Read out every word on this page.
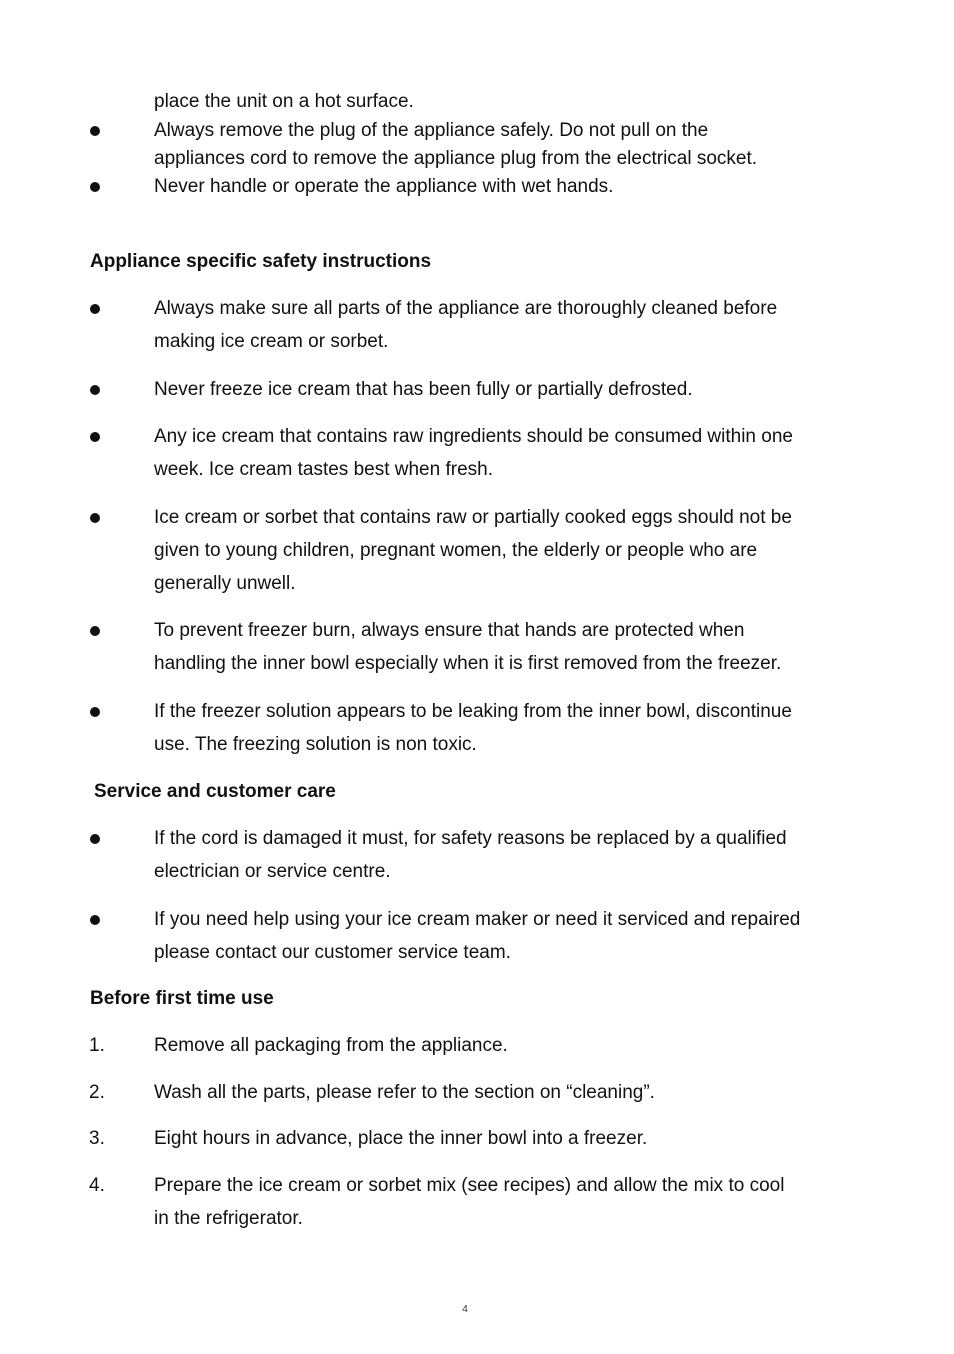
place the unit on a hot surface.
Always remove the plug of the appliance safely. Do not pull on the
appliances cord to remove the appliance plug from the electrical socket.
Never handle or operate the appliance with wet hands.
Appliance specific safety instructions
Always make sure all parts of the appliance are thoroughly cleaned before
making ice cream or sorbet.
Never freeze ice cream that has been fully or partially defrosted.
Any ice cream that contains raw ingredients should be consumed within one
week. Ice cream tastes best when fresh.
Ice cream or sorbet that contains raw or partially cooked eggs should not be
given to young children, pregnant women, the elderly or people who are
generally unwell.
To prevent freezer burn, always ensure that hands are protected when
handling the inner bowl especially when it is first removed from the freezer.
If the freezer solution appears to be leaking from the inner bowl, discontinue
use. The freezing solution is non toxic.
Service and customer care
If the cord is damaged it must, for safety reasons be replaced by a qualified
electrician or service centre.
If you need help using your ice cream maker or need it serviced and repaired
please contact our customer service team.
Before first time use
1.	Remove all packaging from the appliance.
2.	Wash all the parts, please refer to the section on “cleaning”.
3.	Eight hours in advance, place the inner bowl into a freezer.
4.	Prepare the ice cream or sorbet mix (see recipes) and allow the mix to cool
in the refrigerator.
4
